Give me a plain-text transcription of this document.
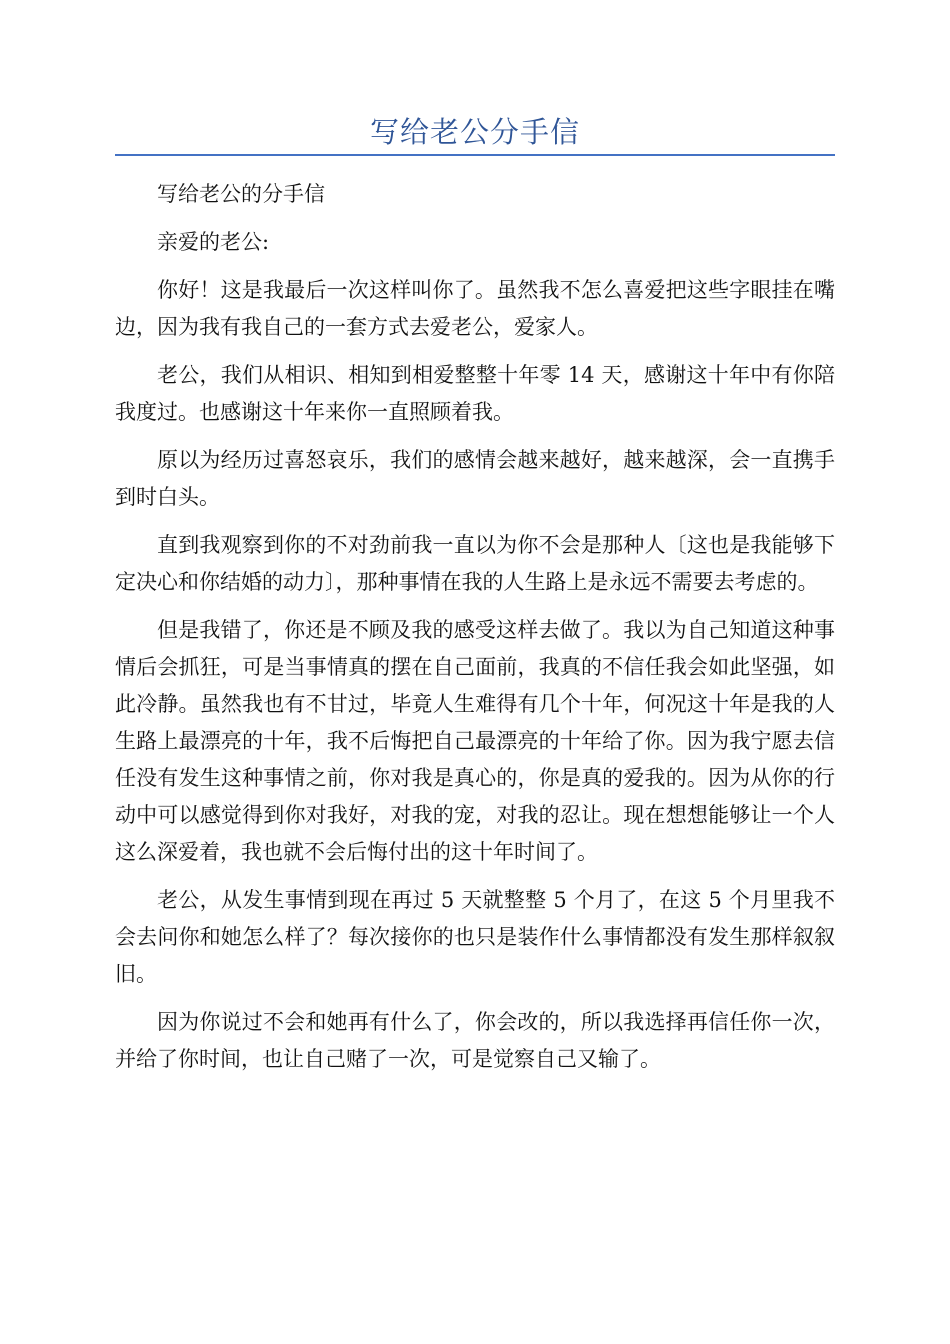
写给老公分手信

写给老公的分手信

亲爱的老公:

你好！这是我最后一次这样叫你了。虽然我不怎么喜爱把这些字眼挂在嘴边，因为我有我自己的一套方式去爱老公，爱家人。

老公，我们从相识、相知到相爱整整十年零 14 天，感谢这十年中有你陪我度过。也感谢这十年来你一直照顾着我。

原以为经历过喜怒哀乐，我们的感情会越来越好，越来越深，会一直携手到时白头。

直到我观察到你的不对劲前我一直以为你不会是那种人〔这也是我能够下定决心和你结婚的动力〕，那种事情在我的人生路上是永远不需要去考虑的。

但是我错了，你还是不顾及我的感受这样去做了。我以为自己知道这种事情后会抓狂，可是当事情真的摆在自己面前，我真的不信任我会如此坚强，如此冷静。虽然我也有不甘过，毕竟人生难得有几个十年，何况这十年是我的人生路上最漂亮的十年，我不后悔把自己最漂亮的十年给了你。因为我宁愿去信任没有发生这种事情之前，你对我是真心的，你是真的爱我的。因为从你的行动中可以感觉得到你对我好，对我的宠，对我的忍让。现在想想能够让一个人这么深爱着，我也就不会后悔付出的这十年时间了。

老公，从发生事情到现在再过 5 天就整整 5 个月了，在这 5 个月里我不会去问你和她怎么样了？每次接你的也只是装作什么事情都没有发生那样叙叙旧。

因为你说过不会和她再有什么了，你会改的，所以我选择再信任你一次，并给了你时间，也让自己赌了一次，可是觉察自己又输了。
